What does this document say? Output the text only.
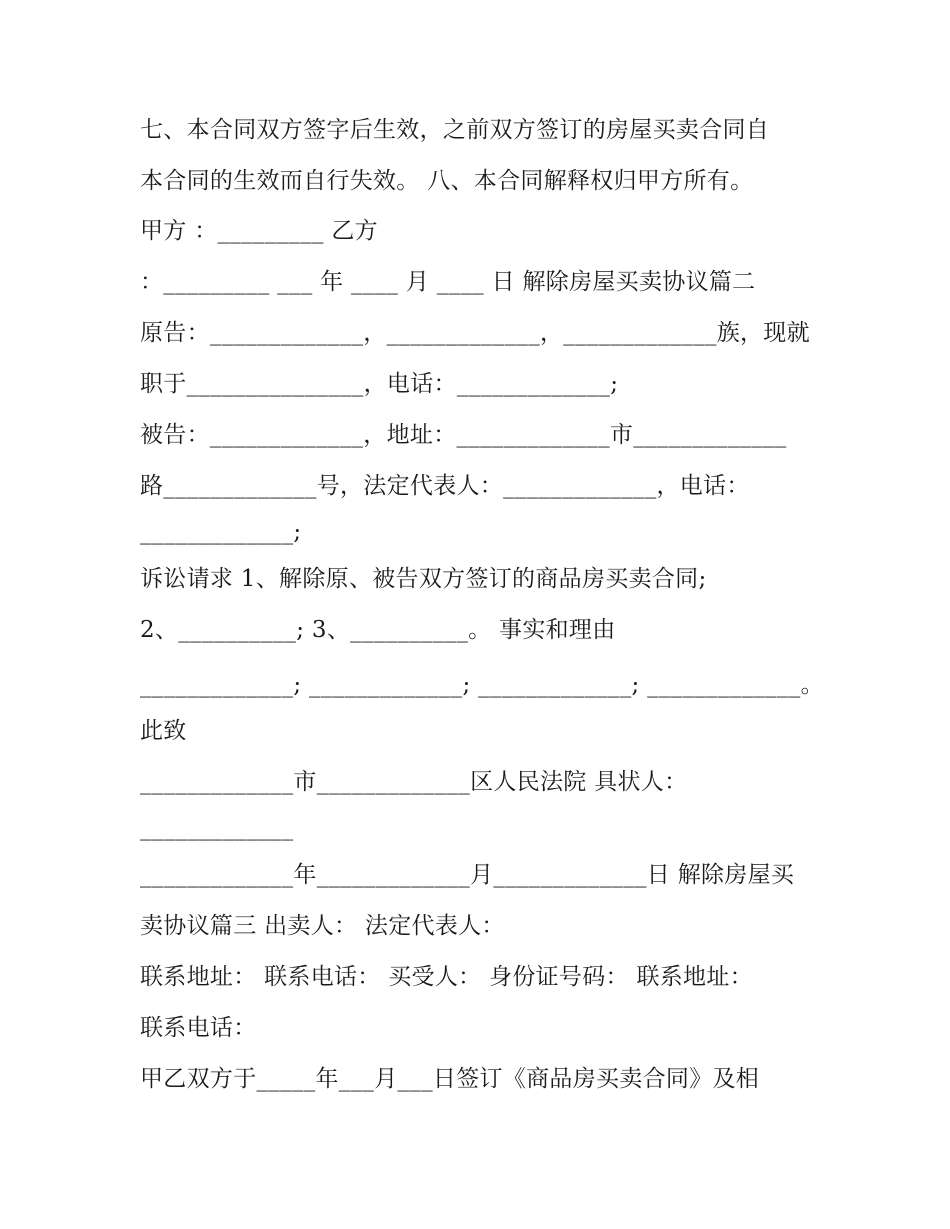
七、本合同双方签字后生效，之前双方签订的房屋买卖合同自
本合同的生效而自行失效。 八、本合同解释权归甲方所有。
甲方 ：_________ 乙方
：_________ ___ 年 ____ 月 ____ 日 解除房屋买卖协议篇二
原告：_____________，_____________，_____________族，现就
职于_______________，电话：_____________;
被告：_____________，地址：_____________市_____________
路_____________号，法定代表人：_____________，电话：
_____________;
诉讼请求 1、解除原、被告双方签订的商品房买卖合同;
2、__________; 3、__________。 事实和理由
_____________; _____________; _____________; _____________。
此致
_____________市_____________区人民法院 具状人：
_____________
_____________年_____________月_____________日 解除房屋买
卖协议篇三 出卖人： 法定代表人：
联系地址： 联系电话： 买受人： 身份证号码： 联系地址：
联系电话：
甲乙双方于_____年___月___日签订《商品房买卖合同》及相
